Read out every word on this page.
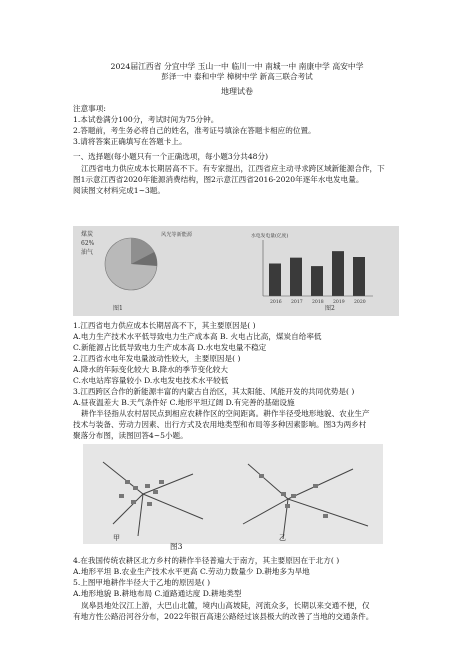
2024届江西省 分宜中学 玉山一中 临川一中 南城一中 南康中学 高安中学
彭泽一中 泰和中学 樟树中学 新高三联合考试
地理试卷
注意事项:
1.本试卷满分100分，考试时间为75分钟。
2.答题前，考生务必将自己的姓名，准考证号填涂在答题卡相应的位置。
3.请将答案正确填写在答题卡上。
一、选择题(每小题只有一个正确选项，每小题3分共48分)
江西省电力供应成本长期居高不下。有专家提出，江西省应主动寻求跨区域新能源合作，下
图1示意江西省2020年能源消费结构，图2示意江西省2016-2020年逐年水电发电量。
阅读图文材料完成1~3题。
煤炭
62%
油气
风光等新能源
图1
2016 2017 2018 2019 2020
水电发电量(亿度)
图2
1.江西省电力供应成本长期居高不下，其主要原因是( )
A.电力生产技术水平低导致电力生产成本高 B. 火电占比高，煤炭自给率低
C.新能源占比低导致电力生产成本高 D.水电发电量不稳定
2.江西省水电年发电量波动性较大，主要原因是( )
A.降水的年际变化较大 B.降水的季节变化较大
C.水电站库容量较小 D.水电发电技术水平较低
3.江西跨区合作的新能源丰富的内蒙古自治区，其太阳能、风能开发的共同优势是( )
A.昼夜温差大 B.天气条件好 C.地形平坦辽阔 D.有完善的基础设施
耕作半径指从农村居民点到相应农耕作区的空间距离。耕作半径受地形地貌、农业生产
技术与装备、劳动力因素、出行方式及农用地类型和布局等多种因素影响。图3为两乡村
聚落分布图，读图回答4~5小题。
甲	乙
图3
4.在我国传统农耕区北方乡村的耕作半径普遍大于南方，其主要原因在于北方( )
A.地形平坦 B.农业生产技术水平更高 C.劳动力数量少 D.耕地多为旱地
5.上图甲地耕作半径大于乙地的原因是( )
A.地形地貌 B.耕地布局 C.道路通达度 D.耕地类型
岚皋县地处汉江上游，大巴山北麓，境内山高坡陡，河流众多，长期以来交通不便，仅
有地方性公路沿河谷分布，2022年银百高速公路经过该县极大的改善了当地的交通条件。
